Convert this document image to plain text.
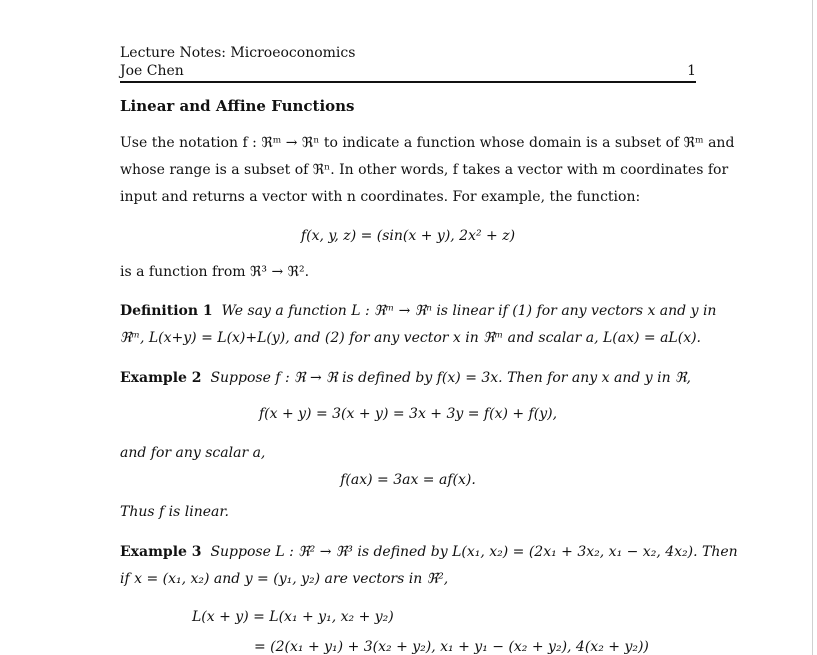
Lecture Notes: Microeoconomics
Joe Chen	1
Linear and Affine Functions
Use the notation f : ℜᵐ → ℜⁿ to indicate a function whose domain is a subset of ℜᵐ and
whose range is a subset of ℜⁿ. In other words, f takes a vector with m coordinates for
input and returns a vector with n coordinates. For example, the function:
f(x, y, z) = (sin(x + y), 2x² + z)
is a function from ℜ³ → ℜ².
Definition 1 We say a function L : ℜᵐ → ℜⁿ is linear if (1) for any vectors x and y in
ℜᵐ, L(x+y) = L(x)+L(y), and (2) for any vector x in ℜᵐ and scalar a, L(ax) = aL(x).
Example 2 Suppose f : ℜ → ℜ is defined by f(x) = 3x. Then for any x and y in ℜ,
f(x + y) = 3(x + y) = 3x + 3y = f(x) + f(y),
and for any scalar a,
f(ax) = 3ax = af(x).
Thus f is linear.
Example 3 Suppose L : ℜ² → ℜ³ is defined by L(x₁, x₂) = (2x₁ + 3x₂, x₁ − x₂, 4x₂). Then
if x = (x₁, x₂) and y = (y₁, y₂) are vectors in ℜ²,
L(x + y) = L(x₁ + y₁, x₂ + y₂)
= (2(x₁ + y₁) + 3(x₂ + y₂), x₁ + y₁ − (x₂ + y₂), 4(x₂ + y₂))
